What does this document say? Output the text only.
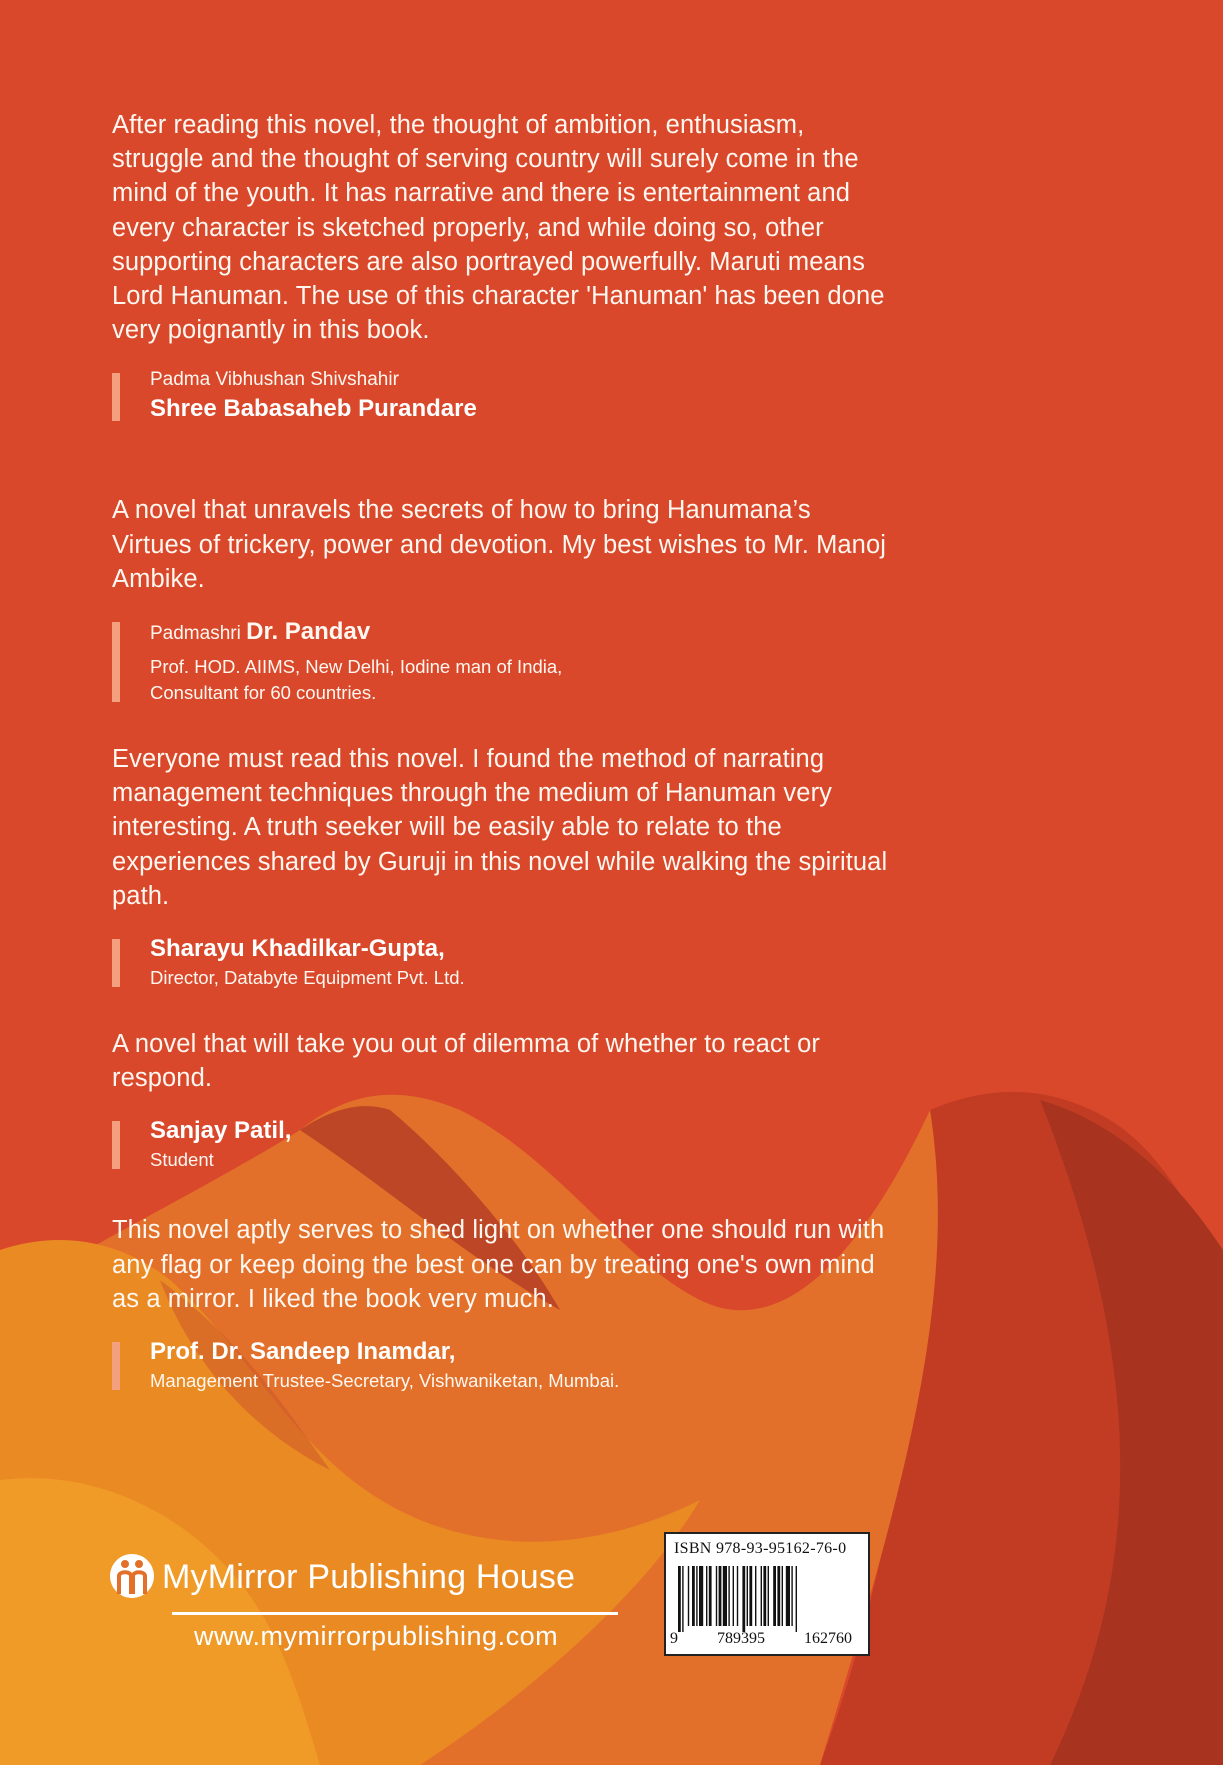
After reading this novel, the thought of ambition, enthusiasm, struggle and the thought of serving country will surely come in the mind of the youth. It has narrative and there is entertainment and every character is sketched properly, and while doing so, other supporting characters are also portrayed powerfully. Maruti means Lord Hanuman. The use of this character 'Hanuman' has been done very poignantly in this book.

Padma Vibhushan Shivshahir
Shree Babasaheb Purandare

A novel that unravels the secrets of how to bring Hanumana’s Virtues of trickery, power and devotion. My best wishes to Mr. Manoj Ambike.

Padmashri Dr. Pandav
Prof. HOD. AIIMS, New Delhi, Iodine man of India,
Consultant for 60 countries.

Everyone must read this novel. I found the method of narrating management techniques through the medium of Hanuman very interesting. A truth seeker will be easily able to relate to the experiences shared by Guruji in this novel while walking the spiritual path.

Sharayu Khadilkar-Gupta,
Director, Databyte Equipment Pvt. Ltd.

A novel that will take you out of dilemma of whether to react or respond.

Sanjay Patil,
Student

This novel aptly serves to shed light on whether one should run with any flag or keep doing the best one can by treating one's own mind as a mirror. I liked the book very much.

Prof. Dr. Sandeep Inamdar,
Management Trustee-Secretary, Vishwaniketan, Mumbai.
MyMirror Publishing House
www.mymirrorpublishing.com
ISBN 978-93-95162-76-0
9 789395 162760
